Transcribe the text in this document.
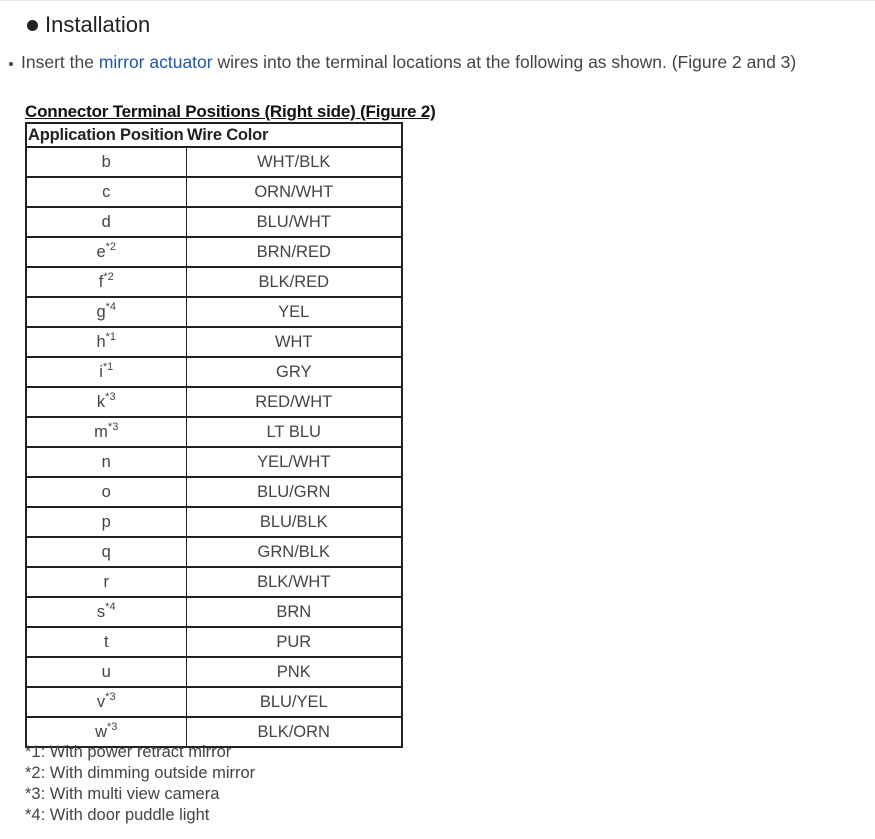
Installation
Insert the mirror actuator wires into the terminal locations at the following as shown. (Figure 2 and 3)
Connector Terminal Positions (Right side) (Figure 2)
Application Position	Wire Color
b	WHT/BLK
c	ORN/WHT
d	BLU/WHT
$e^{*2}$	BRN/RED
$f^{*2}$	BLK/RED
$g^{*4}$	YEL
$h^{*1}$	WHT
$i^{*1}$	GRY
$k^{*3}$	RED/WHT
$m^{*3}$	LT BLU
n	YEL/WHT
o	BLU/GRN
p	BLU/BLK
q	GRN/BLK
r	BLK/WHT
$s^{*4}$	BRN
t	PUR
u	PNK
$v^{*3}$	BLU/YEL
$w^{*3}$	BLK/ORN
*1: With power retract mirror
*2: With dimming outside mirror
*3: With multi view camera
*4: With door puddle light
